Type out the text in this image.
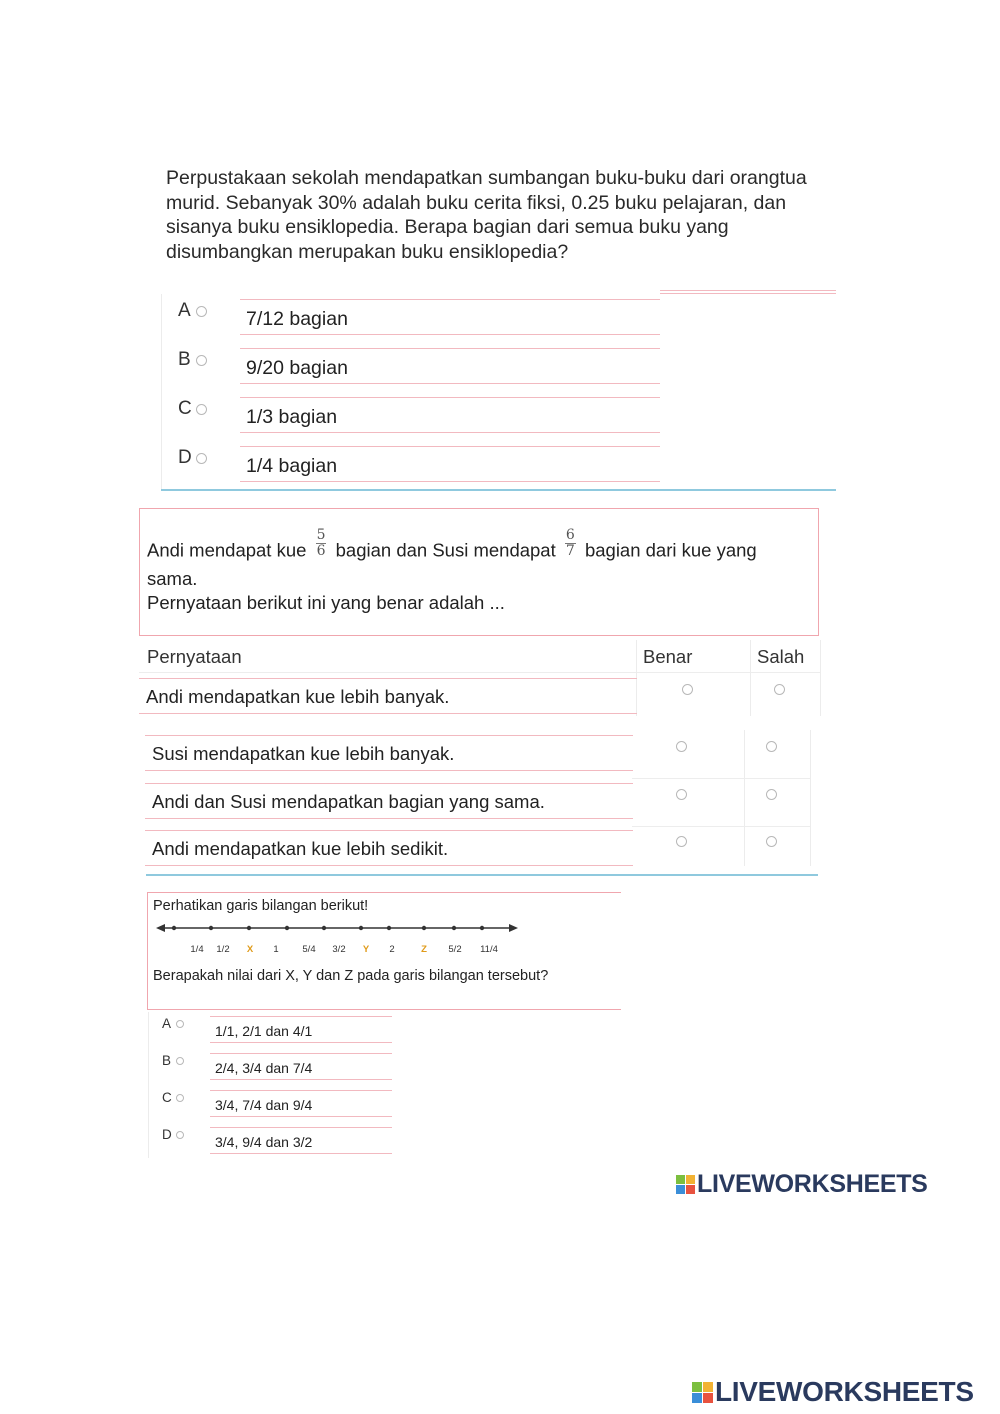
Perpustakaan sekolah mendapatkan sumbangan buku-buku dari orangtua murid. Sebanyak 30% adalah buku cerita fiksi, 0.25 buku pelajaran, dan sisanya buku ensiklopedia. Berapa bagian dari semua buku yang disumbangkan merupakan buku ensiklopedia?
A	7/12 bagian
B	9/20 bagian
C	1/3 bagian
D	1/4 bagian
Andi mendapat kue $\frac{5}{6}$ bagian dan Susi mendapat $\frac{6}{7}$ bagian dari kue yang sama.
Pernyataan berikut ini yang benar adalah ...
Pernyataan	Benar	Salah
Andi mendapatkan kue lebih banyak.
Susi mendapatkan kue lebih banyak.
Andi dan Susi mendapatkan bagian yang sama.
Andi mendapatkan kue lebih sedikit.
Perhatikan garis bilangan berikut!
1/4 1/2 X 1 5/4 3/2 Y 2	Z 5/2 11/4
Berapakah nilai dari X, Y dan Z pada garis bilangan tersebut?
A	1/1, 2/1 dan 4/1
B	2/4, 3/4 dan 7/4
C	3/4, 7/4 dan 9/4
D	3/4, 9/4 dan 3/2
LIVEWORKSHEETS
LIVEWORKSHEETS
